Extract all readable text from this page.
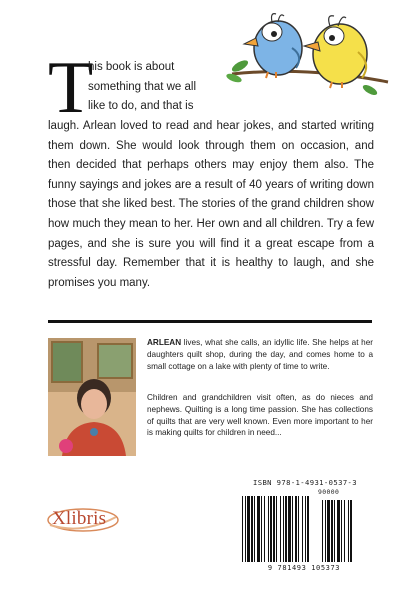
T
his book is about
something that we all
like to do, and that is
laugh. Arlean loved to read and hear jokes, and started writing them down. She would look through them on occasion, and then decided that perhaps others may enjoy them also. The funny sayings and jokes are a result of 40 years of writing down those that she liked best. The stories of the grand children show how much they mean to her. Her own and all children. Try a few pages, and she is sure you will find it a great escape from a stressful day. Remember that it is healthy to laugh, and she promises you many.
ARLEAN lives, what she calls, an idyllic life. She helps at her daughters quilt shop, during the day, and comes home to a small cottage on a lake with plenty of time to write.
Children and grandchildren visit often, as do nieces and nephews. Quilting is a long time passion. She has collections of quilts that are very well known. Even more important to her is making quilts for children in need...
ISBN 978-1-4931-0537-3
90000
9 781493 105373
Xlibris
